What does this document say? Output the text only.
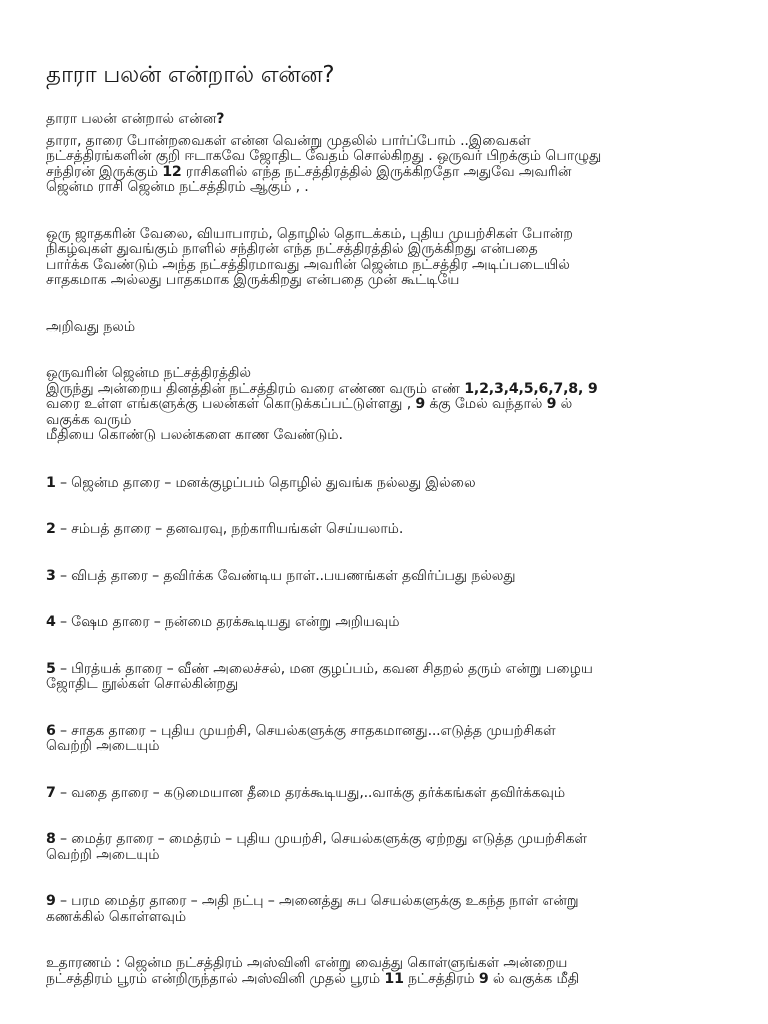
தாரா பலன் என்றால் என்ன?

தாரா பலன் என்றால் என்ன?

தாரா, தாரை போன்றவைகள் என்ன வென்று முதலில் பார்ப்போம் ..இவைகள்
நட்சத்திரங்களின் குறி ஈடாகவே ஜோதிட வேதம் சொல்கிறது . ஒருவர் பிறக்கும் பொழுது
சந்திரன் இருக்கும் 12 ராசிகளில் எந்த நட்சத்திரத்தில் இருக்கிறதோ அதுவே அவரின்
ஜென்ம ராசி ஜென்ம நட்சத்திரம் ஆகும் , .

ஒரு ஜாதகரின் வேலை, வியாபாரம், தொழில் தொடக்கம், புதிய முயற்சிகள் போன்ற
நிகழ்வுகள் துவங்கும் நாளில் சந்திரன் எந்த நட்சத்திரத்தில் இருக்கிறது என்பதை
பார்க்க வேண்டும் அந்த நட்சத்திரமாவது அவரின் ஜென்ம நட்சத்திர அடிப்படையில்
சாதகமாக அல்லது பாதகமாக இருக்கிறது என்பதை முன் கூட்டியே

அறிவது நலம்

ஒருவரின் ஜென்ம நட்சத்திரத்தில்
இருந்து அன்றைய தினத்தின் நட்சத்திரம் வரை எண்ண வரும் எண் 1,2,3,4,5,6,7,8, 9
வரை உள்ள எங்களுக்கு பலன்கள் கொடுக்கப்பட்டுள்ளது , 9 க்கு மேல் வந்தால் 9 ல்
வகுக்க வரும்
மீதியை கொண்டு பலன்களை காண வேண்டும்.

1 – ஜென்ம தாரை – மனக்குழப்பம் தொழில் துவங்க நல்லது இல்லை

2 – சம்பத் தாரை – தனவரவு, நற்காரியங்கள் செய்யலாம்.

3 – விபத் தாரை – தவிர்க்க வேண்டிய நாள்..பயணங்கள் தவிர்ப்பது நல்லது

4 – ஷேம தாரை – நன்மை தரக்கூடியது என்று அறியவும்

5 – பிரத்யக் தாரை – வீண் அலைச்சல், மன குழப்பம், கவன சிதறல் தரும் என்று பழைய
ஜோதிட நூல்கள் சொல்கின்றது

6 – சாதக தாரை – புதிய முயற்சி, செயல்களுக்கு சாதகமானது...எடுத்த முயற்சிகள்
வெற்றி அடையும்

7 – வதை தாரை – கடுமையான தீமை தரக்கூடியது,..வாக்கு தர்க்கங்கள் தவிர்க்கவும்

8 – மைத்ர தாரை – மைத்ரம் – புதிய முயற்சி, செயல்களுக்கு ஏற்றது எடுத்த முயற்சிகள்
வெற்றி அடையும்

9 – பரம மைத்ர தாரை – அதி நட்பு – அனைத்து சுப செயல்களுக்கு உகந்த நாள் என்று
கணக்கில் கொள்ளவும்

உதாரணம் : ஜென்ம நட்சத்திரம் அஸ்வினி என்று வைத்து கொள்ளுங்கள் அன்றைய
நட்சத்திரம் பூரம் என்றிருந்தால் அஸ்வினி முதல் பூரம் 11 நட்சத்திரம் 9 ல் வகுக்க மீதி
